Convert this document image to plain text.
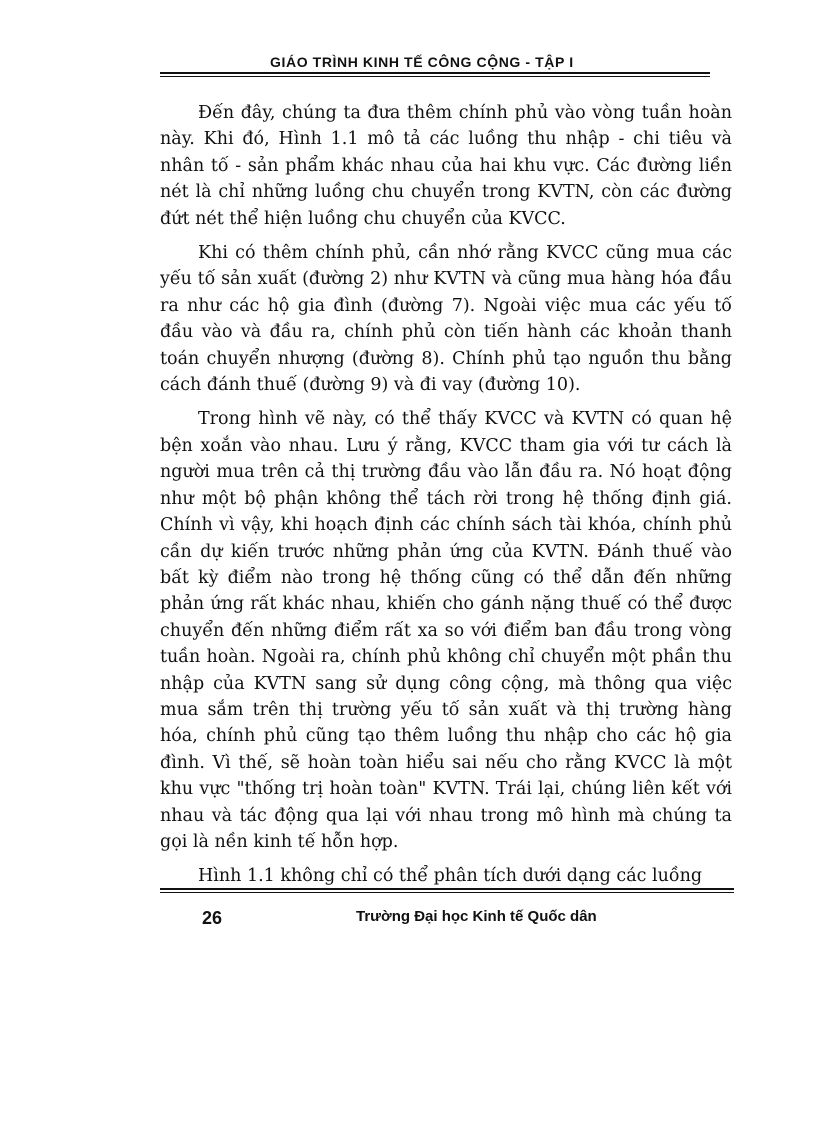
GIÁO TRÌNH KINH TẾ CÔNG CỘNG - TẬP I

Đến đây, chúng ta đưa thêm chính phủ vào vòng tuần hoàn này. Khi đó, Hình 1.1 mô tả các luồng thu nhập - chi tiêu và nhân tố - sản phẩm khác nhau của hai khu vực. Các đường liền nét là chỉ những luồng chu chuyển trong KVTN, còn các đường đứt nét thể hiện luồng chu chuyển của KVCC.

Khi có thêm chính phủ, cần nhớ rằng KVCC cũng mua các yếu tố sản xuất (đường 2) như KVTN và cũng mua hàng hóa đầu ra như các hộ gia đình (đường 7). Ngoài việc mua các yếu tố đầu vào và đầu ra, chính phủ còn tiến hành các khoản thanh toán chuyển nhượng (đường 8). Chính phủ tạo nguồn thu bằng cách đánh thuế (đường 9) và đi vay (đường 10).

Trong hình vẽ này, có thể thấy KVCC và KVTN có quan hệ bện xoắn vào nhau. Lưu ý rằng, KVCC tham gia với tư cách là người mua trên cả thị trường đầu vào lẫn đầu ra. Nó hoạt động như một bộ phận không thể tách rời trong hệ thống định giá. Chính vì vậy, khi hoạch định các chính sách tài khóa, chính phủ cần dự kiến trước những phản ứng của KVTN. Đánh thuế vào bất kỳ điểm nào trong hệ thống cũng có thể dẫn đến những phản ứng rất khác nhau, khiến cho gánh nặng thuế có thể được chuyển đến những điểm rất xa so với điểm ban đầu trong vòng tuần hoàn. Ngoài ra, chính phủ không chỉ chuyển một phần thu nhập của KVTN sang sử dụng công cộng, mà thông qua việc mua sắm trên thị trường yếu tố sản xuất và thị trường hàng hóa, chính phủ cũng tạo thêm luồng thu nhập cho các hộ gia đình. Vì thế, sẽ hoàn toàn hiểu sai nếu cho rằng KVCC là một khu vực "thống trị hoàn toàn" KVTN. Trái lại, chúng liên kết với nhau và tác động qua lại với nhau trong mô hình mà chúng ta gọi là nền kinh tế hỗn hợp.

Hình 1.1 không chỉ có thể phân tích dưới dạng các luồng

26	Trường Đại học Kinh tế Quốc dân
